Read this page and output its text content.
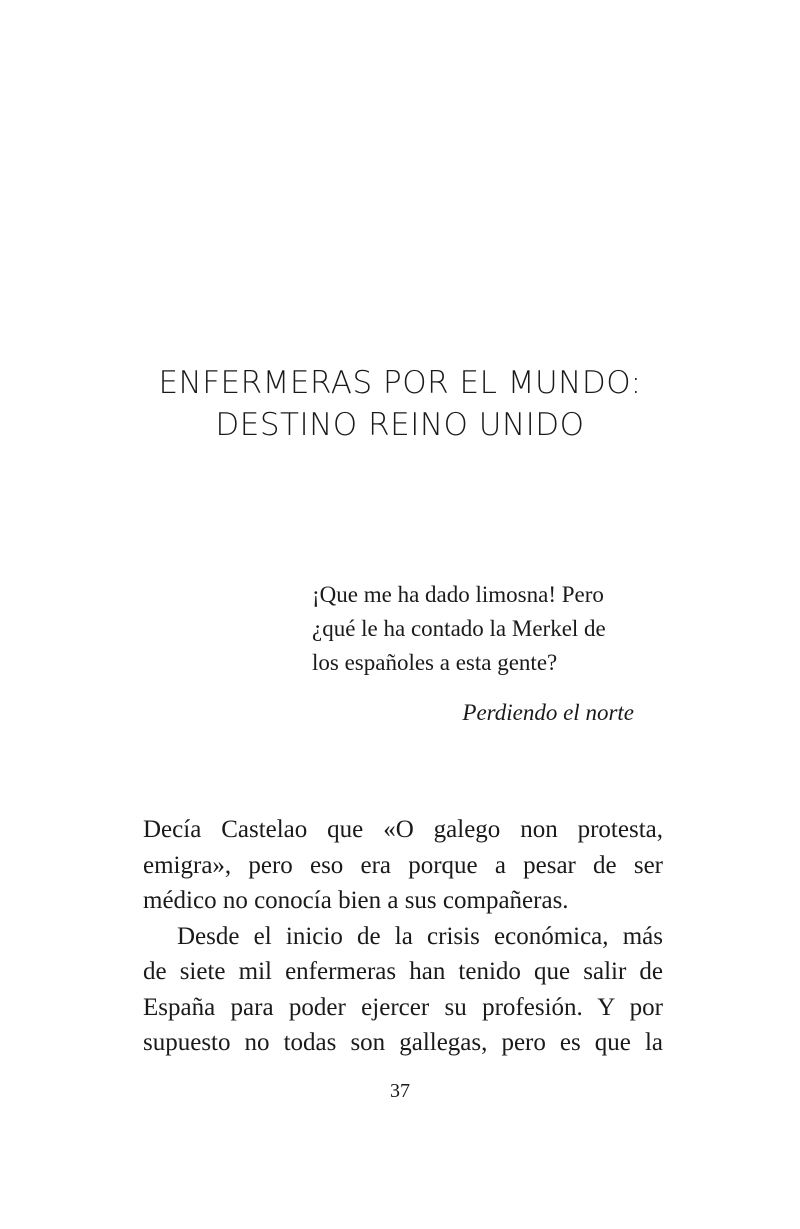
ENFERMERAS POR EL MUNDO:
DESTINO REINO UNIDO

¡Que me ha dado limosna! Pero
¿qué le ha contado la Merkel de
los españoles a esta gente?

Perdiendo el norte

Decía Castelao que «O galego non protesta,
emigra», pero eso era porque a pesar de ser
médico no conocía bien a sus compañeras.

Desde el inicio de la crisis económica, más
de siete mil enfermeras han tenido que salir de
España para poder ejercer su profesión. Y por
supuesto no todas son gallegas, pero es que la

37
